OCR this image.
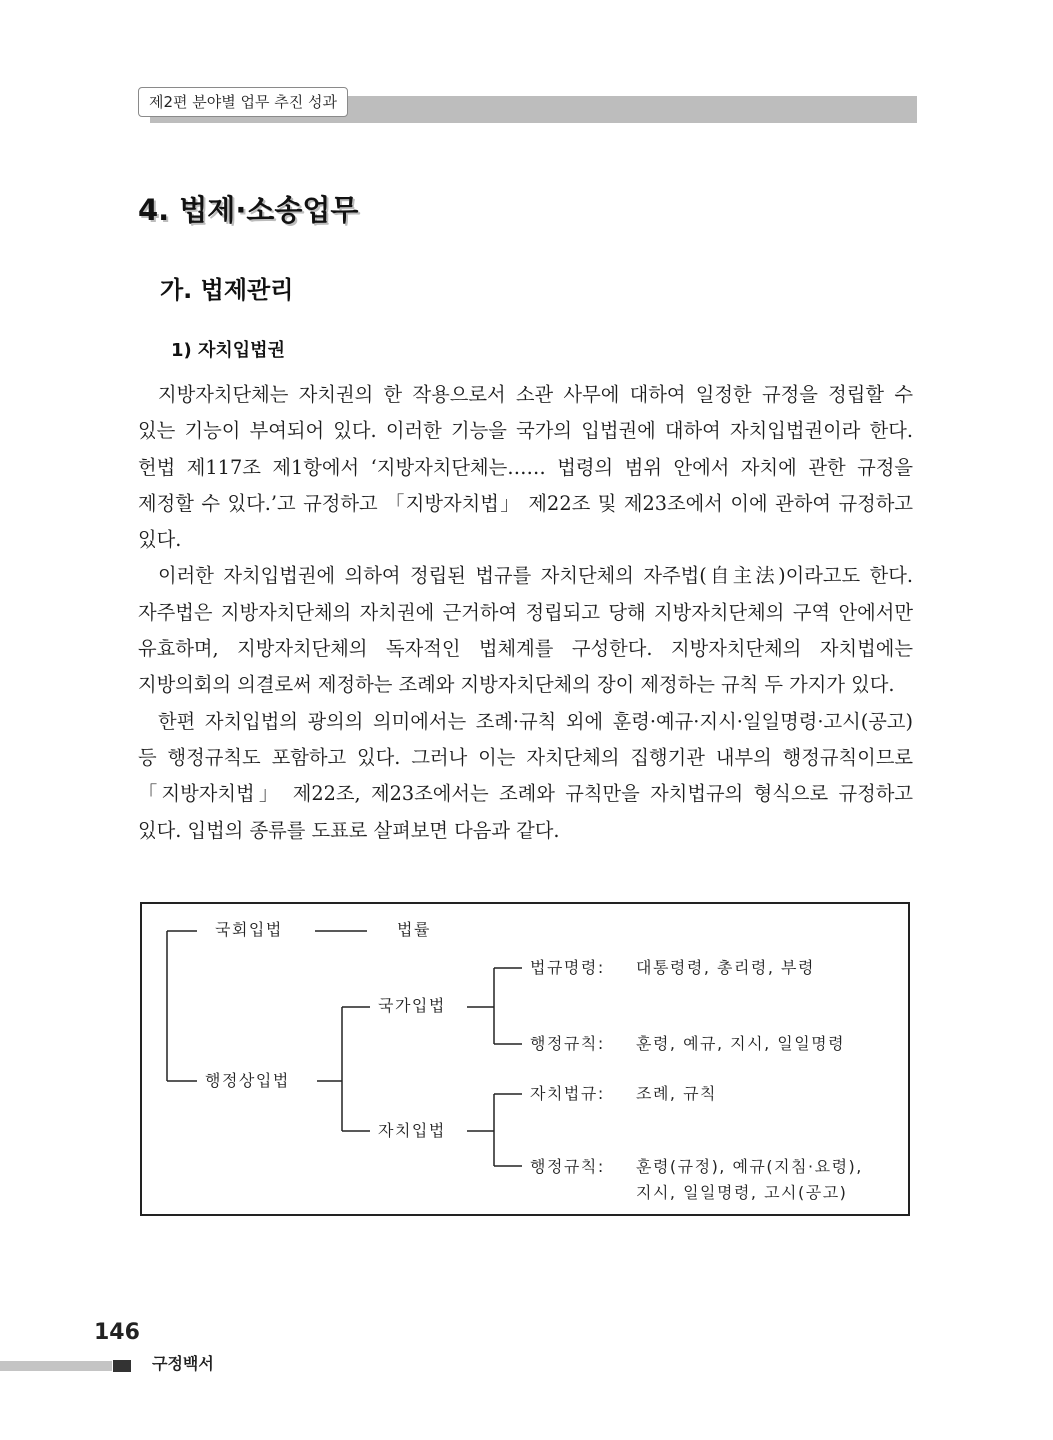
제2편 분야별 업무 추진 성과
4. 법제·소송업무
가. 법제관리
1) 자치입법권

지방자치단체는 자치권의 한 작용으로서 소관 사무에 대하여 일정한 규정을 정립할 수 있는 기능이 부여되어 있다. 이러한 기능을 국가의 입법권에 대하여 자치입법권이라 한다. 헌법 제117조 제1항에서 ‘지방자치단체는…… 법령의 범위 안에서 자치에 관한 규정을 제정할 수 있다.’고 규정하고 「지방자치법」 제22조 및 제23조에서 이에 관하여 규정하고 있다.

이러한 자치입법권에 의하여 정립된 법규를 자치단체의 자주법(自主法)이라고도 한다. 자주법은 지방자치단체의 자치권에 근거하여 정립되고 당해 지방자치단체의 구역 안에서만 유효하며, 지방자치단체의 독자적인 법체계를 구성한다. 지방자치단체의 자치법에는 지방의회의 의결로써 제정하는 조례와 지방자치단체의 장이 제정하는 규칙 두 가지가 있다.

한편 자치입법의 광의의 의미에서는 조례·규칙 외에 훈령·예규·지시·일일명령·고시(공고) 등 행정규칙도 포함하고 있다. 그러나 이는 자치단체의 집행기관 내부의 행정규칙이므로 「지방자치법」 제22조, 제23조에서는 조례와 규칙만을 자치법규의 형식으로 규정하고 있다. 입법의 종류를 도표로 살펴보면 다음과 같다.

국회입법	법률
국가입법
행정상입법
자치입법
법규명령: 대통령령, 총리령, 부령
행정규칙: 훈령, 예규, 지시, 일일명령
자치법규: 조례, 규칙
행정규칙: 훈령(규정), 예규(지침·요령),
지시, 일일명령, 고시(공고)
146
구정백서
